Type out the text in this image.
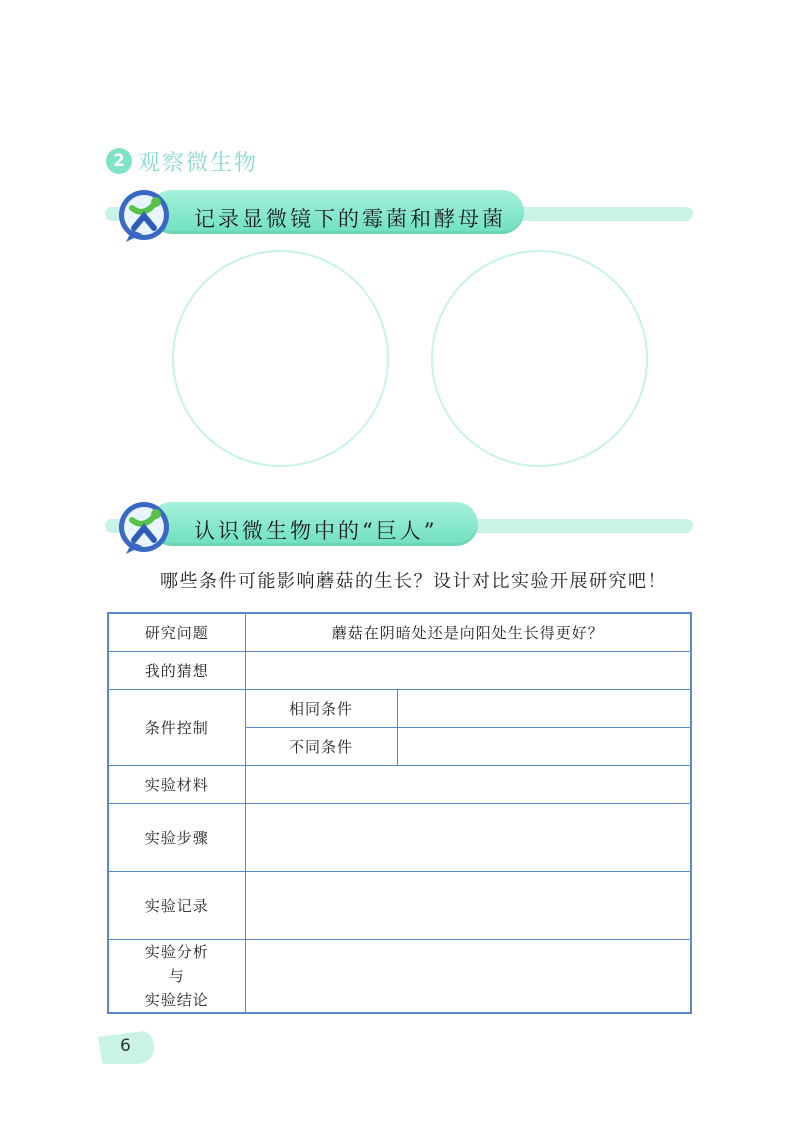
2 观察微生物
记录显微镜下的霉菌和酵母菌
认识微生物中的“巨人”
哪些条件可能影响蘑菇的生长？设计对比实验开展研究吧！
研究问题	蘑菇在阴暗处还是向阳处生长得更好？	
我的猜想		
条件控制	相同条件	
	不同条件	
实验材料		
实验步骤		
实验记录		

实验分析
与
实验结论		

6
